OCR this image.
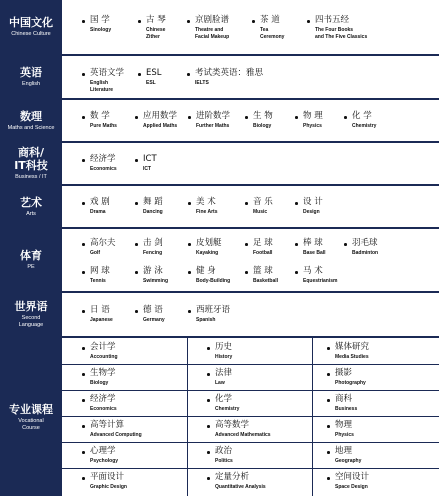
中国文化
Chinese Culture
国 学
Sinology
古 琴
Chinese
Zither
京剧脸谱
Theatre and
Facial Makeup
茶 道
Tea
Ceremony
四书五经
The Four Books
and The Five Classics
英语
English
英语文学
English
Literature
ESL
ESL
考试类英语：雅思
IELTS
数理
Maths and Science
数 学
Pure Maths
应用数学
Applied Maths
进阶数学
Further Maths
生 物
Biology
物 理
Physics
化 学
Chemistry
商科/
IT科技
Business / IT
经济学
Economics
ICT
ICT
艺术
Arts
戏 剧
Drama
舞 蹈
Dancing
美 术
Fine Arts
音 乐
Music
设 计
Design
体育
PE
高尔夫
Golf
击 剑
Fencing
皮划艇
Kayaking
足 球
Football
棒 球
Base Ball
羽毛球
Badminton
网 球
Tennis
游 泳
Swimming
健 身
Body-Building
篮 球
Basketball
马 术
Equestrianism
世界语
Second
Language
日 语
Japanese
德 语
Germany
西班牙语
Spanish
专业课程
Vocational
Course
会计学
Accounting
历史
History
媒体研究
Media Studies
生物学
Biology
法律
Law
摄影
Photography
经济学
Economics
化学
Chemistry
商科
Business
高等计算
Advanced Computing
高等数学
Advanced Mathematics
物理
Physics
心理学
Psychology
政治
Politics
地理
Geography
平面设计
Graphic Design
定量分析
Quantitative Analysis
空间设计
Space Design
